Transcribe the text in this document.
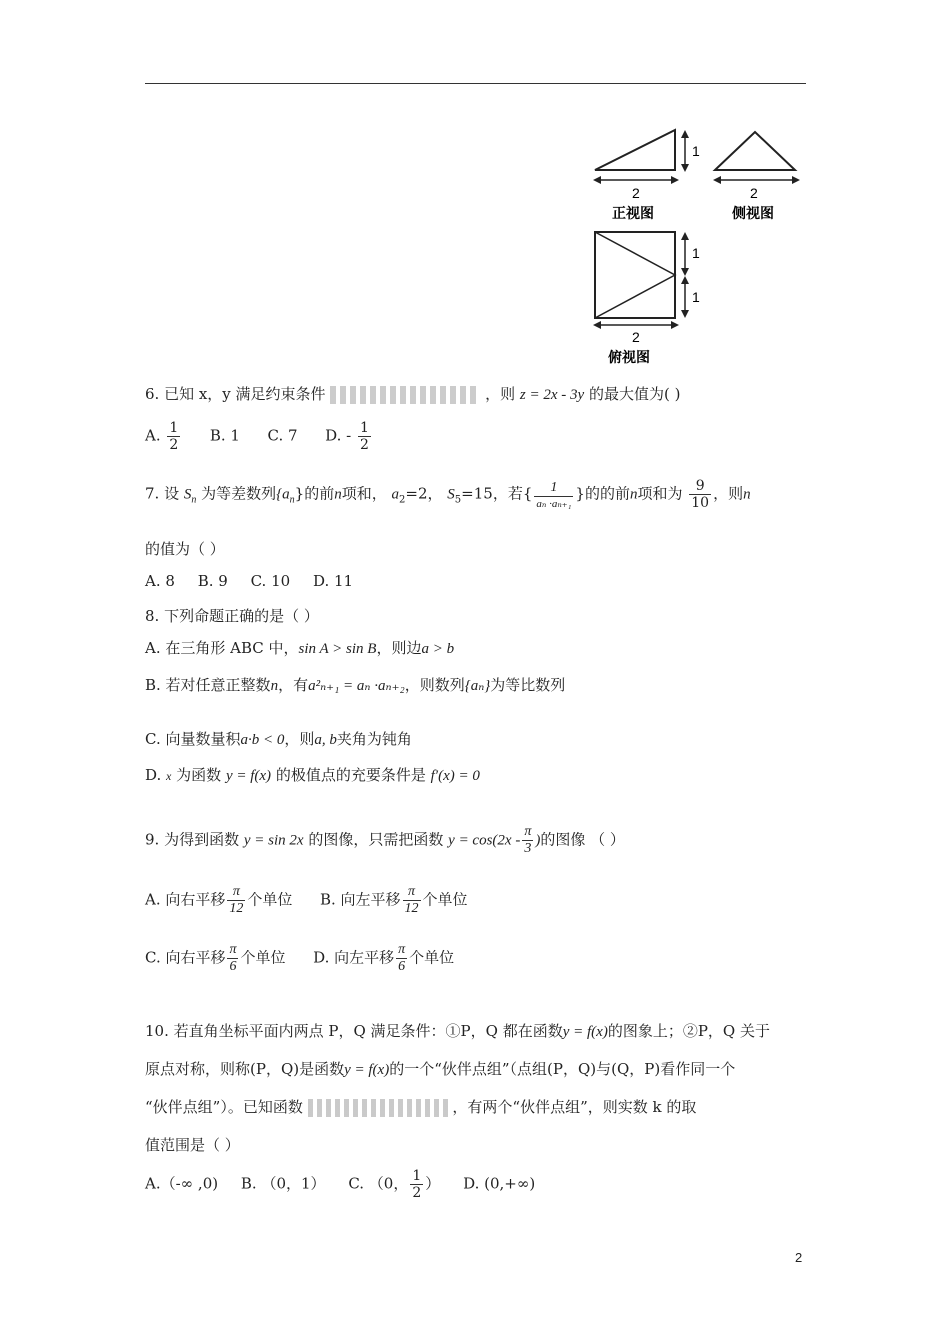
1
2
正视图
2
侧视图
1
1
2
俯视图
6. 已知 x，y 满足约束条件	，则 z = 2x - 3y 的最大值为( )
A. $\frac{1}{2} B$. 1 C. 7 D. - $\frac{1}{2}$
7. 设 $S_n$ 为等差数列$\{a_n\}$的前n项和， $a_2=2$， $S_5=15$，若{ $\frac{1}{\text{aₙ ·aₙ₊₁}}$ }的的前n项和为 $\frac{9}{10}$ ，则n
的值为（ ）
A. 8 B. 9 C. 10 D. 11
8. 下列命题正确的是（ ）
A. 在三角形 ABC 中，sin A > sin B，则边a > b
B. 若对任意正整数n，有a²ₙ₊₁ = aₙ ·aₙ₊₂，则数列{aₙ}为等比数列
C. 向量数量积a·b < 0，则a, b夹角为钝角
D. x 为函数 y = f(x) 的极值点的充要条件是 f′(x) = 0
9. 为得到函数 y = sin 2x 的图像，只需把函数 $y = \cos(2x - \frac{\pi}{3}$ )的图像 （ ）
A. 向右平移 $\frac{\pi}{12}$ 个单位 B. 向左平移 $\frac{\pi}{12}$ 个单位
C. 向右平移 $\frac{\pi}{6}$ 个单位 D. 向左平移 $\frac{\pi}{6}$ 个单位
10. 若直角坐标平面内两点 P，Q 满足条件：①P，Q 都在函数y = f(x)的图象上；②P，Q 关于
原点对称，则称(P，Q)是函数y = f(x)的一个“伙伴点组”（点组(P，Q)与(Q，P)看作同一个
“伙伴点组”）。已知函数	，有两个“伙伴点组”，则实数 k 的取
值范围是（ ）
A.（-∞ ,0) B. （0，1） C. （0， $\frac{1}{2}$ ） D. (0,+∞)
2
